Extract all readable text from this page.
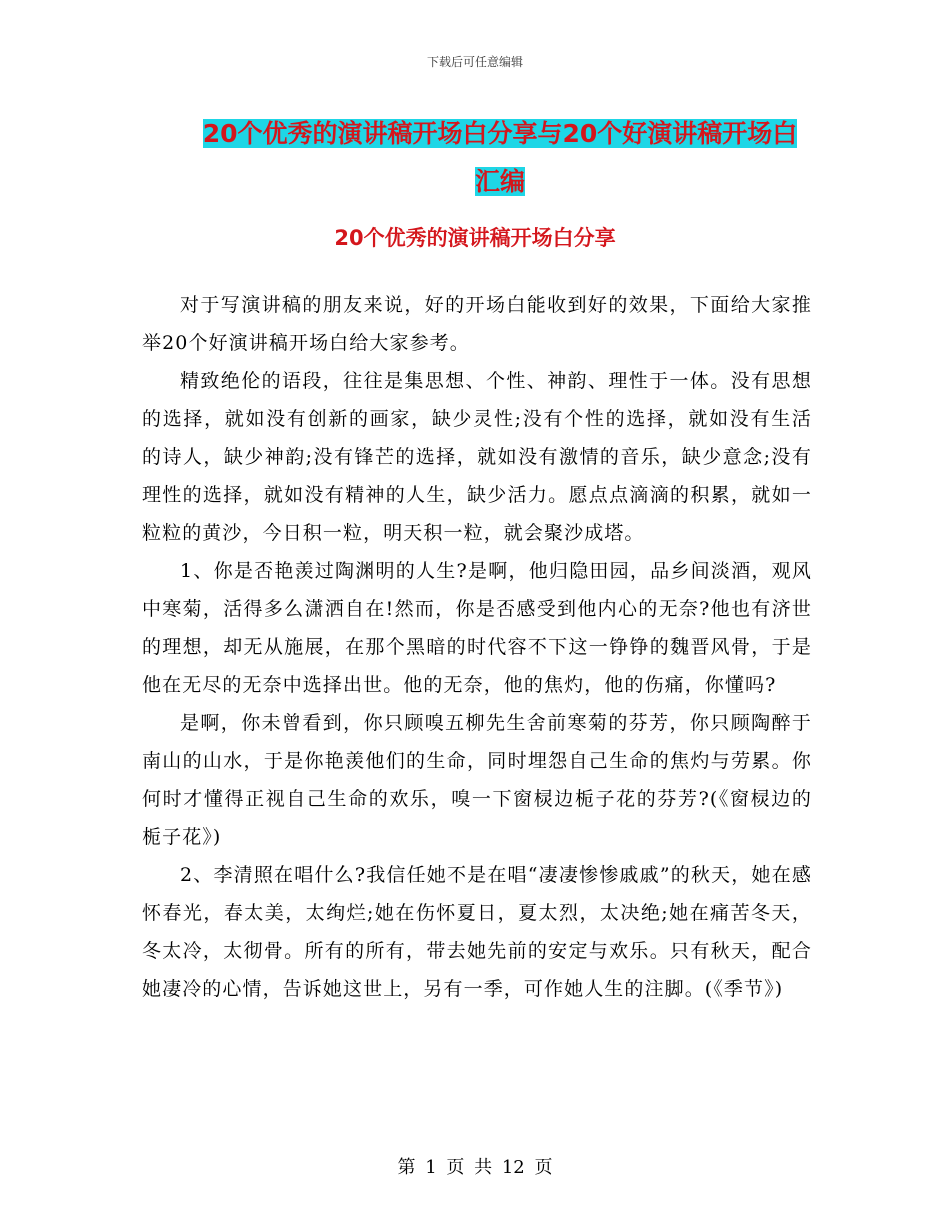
下载后可任意编辑
20个优秀的演讲稿开场白分享与20个好演讲稿开场白
汇编
20个优秀的演讲稿开场白分享

对于写演讲稿的朋友来说，好的开场白能收到好的效果，下面给大家推举20个好演讲稿开场白给大家参考。

精致绝伦的语段，往往是集思想、个性、神韵、理性于一体。没有思想的选择，就如没有创新的画家，缺少灵性;没有个性的选择，就如没有生活的诗人，缺少神韵;没有锋芒的选择，就如没有激情的音乐，缺少意念;没有理性的选择，就如没有精神的人生，缺少活力。愿点点滴滴的积累，就如一粒粒的黄沙，今日积一粒，明天积一粒，就会聚沙成塔。

1、你是否艳羡过陶渊明的人生?是啊，他归隐田园，品乡间淡酒，观风中寒菊，活得多么潇洒自在!然而，你是否感受到他内心的无奈?他也有济世的理想，却无从施展，在那个黑暗的时代容不下这一铮铮的魏晋风骨，于是他在无尽的无奈中选择出世。他的无奈，他的焦灼，他的伤痛，你懂吗?

是啊，你未曾看到，你只顾嗅五柳先生舍前寒菊的芬芳，你只顾陶醉于南山的山水，于是你艳羡他们的生命，同时埋怨自己生命的焦灼与劳累。你何时才懂得正视自己生命的欢乐，嗅一下窗棂边栀子花的芬芳?(《窗棂边的栀子花》)

2、李清照在唱什么?我信任她不是在唱“凄凄惨惨戚戚”的秋天，她在感怀春光，春太美，太绚烂;她在伤怀夏日，夏太烈，太决绝;她在痛苦冬天，冬太冷，太彻骨。所有的所有，带去她先前的安定与欢乐。只有秋天，配合她凄冷的心情，告诉她这世上，另有一季，可作她人生的注脚。(《季节》)

第 1 页 共 12 页
